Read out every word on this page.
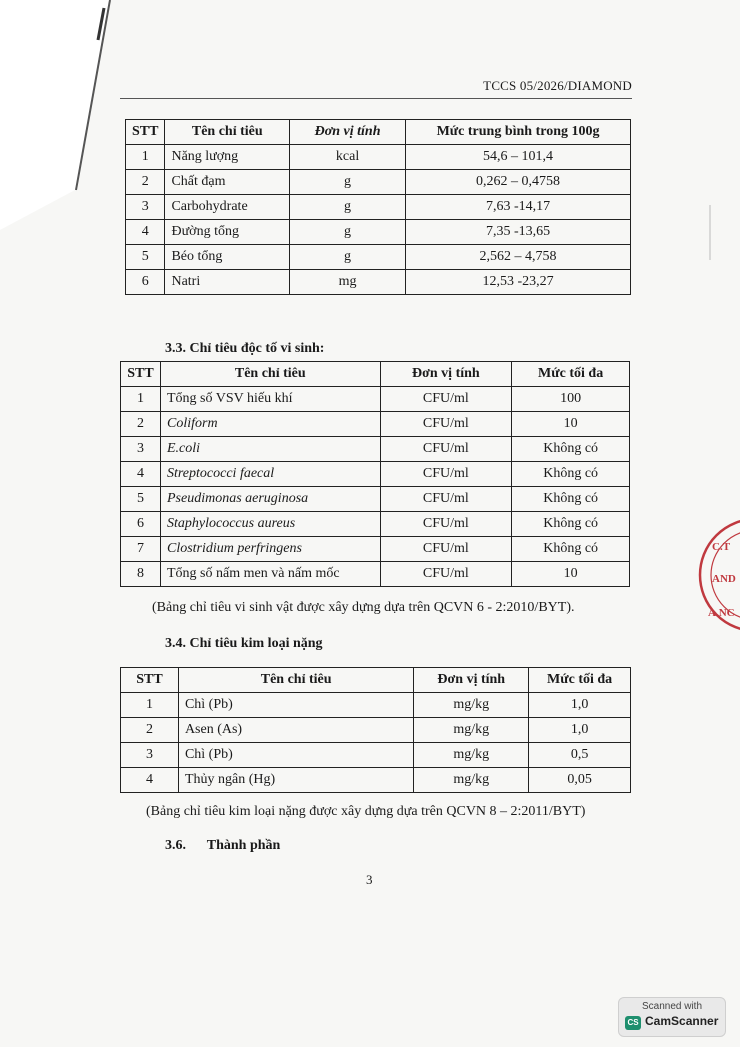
TCCS 05/2026/DIAMOND
STT	Tên chỉ tiêu	Đơn vị tính	Mức trung bình trong 100g
1	Năng lượng	kcal	54,6 – 101,4
2	Chất đạm	g	0,262 – 0,4758
3	Carbohydrate	g	7,63 -14,17
4	Đường tổng	g	7,35 -13,65
5	Béo tổng	g	2,562 – 4,758
6	Natri	mg	12,53 -23,27
3.3. Chỉ tiêu độc tố vi sinh:
STT	Tên chỉ tiêu	Đơn vị tính	Mức tối đa
1	Tổng số VSV hiếu khí	CFU/ml	100
2	Coliform	CFU/ml	10
3	E.coli	CFU/ml	Không có
4	Streptococci faecal	CFU/ml	Không có
5	Pseudimonas aeruginosa	CFU/ml	Không có
6	Staphylococcus aureus	CFU/ml	Không có
7	Clostridium perfringens	CFU/ml	Không có
8	Tổng số nấm men và nấm mốc	CFU/ml	10
(Bảng chỉ tiêu vi sinh vật được xây dựng dựa trên QCVN 6 - 2:2010/BYT).
3.4. Chỉ tiêu kim loại nặng
STT	Tên chỉ tiêu	Đơn vị tính	Mức tối đa
1	Chì (Pb)	mg/kg	1,0
2	Asen (As)	mg/kg	1,0
3	Chì (Pb)	mg/kg	0,5
4	Thủy ngân (Hg)	mg/kg	0,05
(Bảng chỉ tiêu kim loại nặng được xây dựng dựa trên QCVN 8 – 2:2011/BYT)
3.6. Thành phần
3
C.T
AND
A.NC
Scanned with
CS CamScanner
